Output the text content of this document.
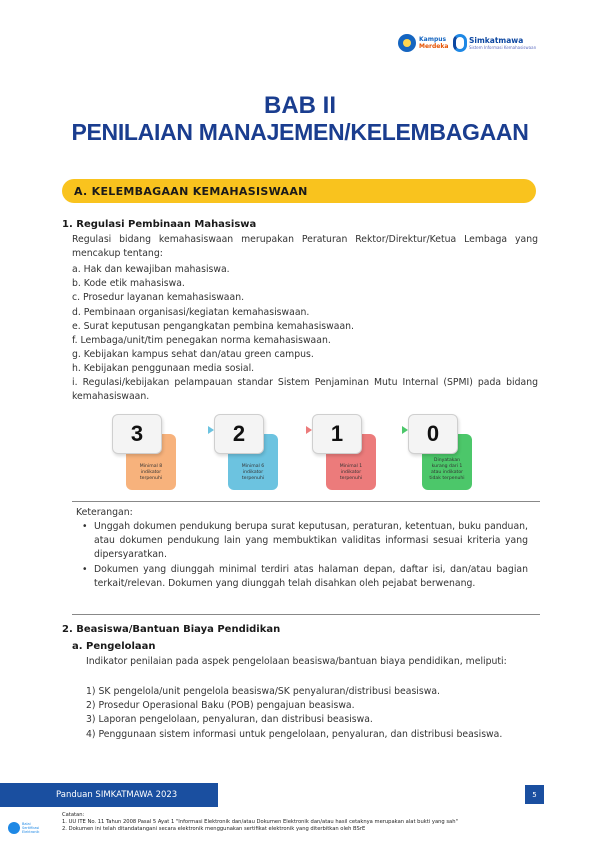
Kampus
Merdeka
Simkatmawa
Sistem Informasi Kemahasiswaan
BAB II
PENILAIAN MANAJEMEN/KELEMBAGAAN
A. KELEMBAGAAN KEMAHASISWAAN
1. Regulasi Pembinaan Mahasiswa
Regulasi bidang kemahasiswaan merupakan Peraturan Rektor/Direktur/Ketua Lembaga yang mencakup tentang:
a. Hak dan kewajiban mahasiswa.
b. Kode etik mahasiswa.
c. Prosedur layanan kemahasiswaan.
d. Pembinaan organisasi/kegiatan kemahasiswaan.
e. Surat keputusan pengangkatan pembina kemahasiswaan.
f. Lembaga/unit/tim penegakan norma kemahasiswaan.
g. Kebijakan kampus sehat dan/atau green campus.
h. Kebijakan penggunaan media sosial.
i. Regulasi/kebijakan pelampauan standar Sistem Penjaminan Mutu Internal (SPMI) pada bidang kemahasiswaan.
Minimal 8 indikator terpenuhi
3
Minimal 6 indikator terpenuhi
2
Minimal 1 indikator terpenuhi
1
Dinyatakan kurang dari 1 atau indikator tidak terpenuhi
0
Keterangan:
• Unggah dokumen pendukung berupa surat keputusan, peraturan, ketentuan, buku panduan, atau dokumen pendukung lain yang membuktikan validitas informasi sesuai kriteria yang dipersyaratkan.
• Dokumen yang diunggah minimal terdiri atas halaman depan, daftar isi, dan/atau bagian terkait/relevan. Dokumen yang diunggah telah disahkan oleh pejabat berwenang.
2. Beasiswa/Bantuan Biaya Pendidikan
a. Pengelolaan
Indikator penilaian pada aspek pengelolaan beasiswa/bantuan biaya pendidikan, meliputi:
1) SK pengelola/unit pengelola beasiswa/SK penyaluran/distribusi beasiswa.
2) Prosedur Operasional Baku (POB) pengajuan beasiswa.
3) Laporan pengelolaan, penyaluran, dan distribusi beasiswa.
4) Penggunaan sistem informasi untuk pengelolaan, penyaluran, dan distribusi beasiswa.
Panduan SIMKATMAWA 2023	5
Balai Sertifikasi Elektronik
Catatan:
1. UU ITE No. 11 Tahun 2008 Pasal 5 Ayat 1 "Informasi Elektronik dan/atau Dokumen Elektronik dan/atau hasil cetaknya merupakan alat bukti yang sah"
2. Dokumen ini telah ditandatangani secara elektronik menggunakan sertifikat elektronik yang diterbitkan oleh BSrE
